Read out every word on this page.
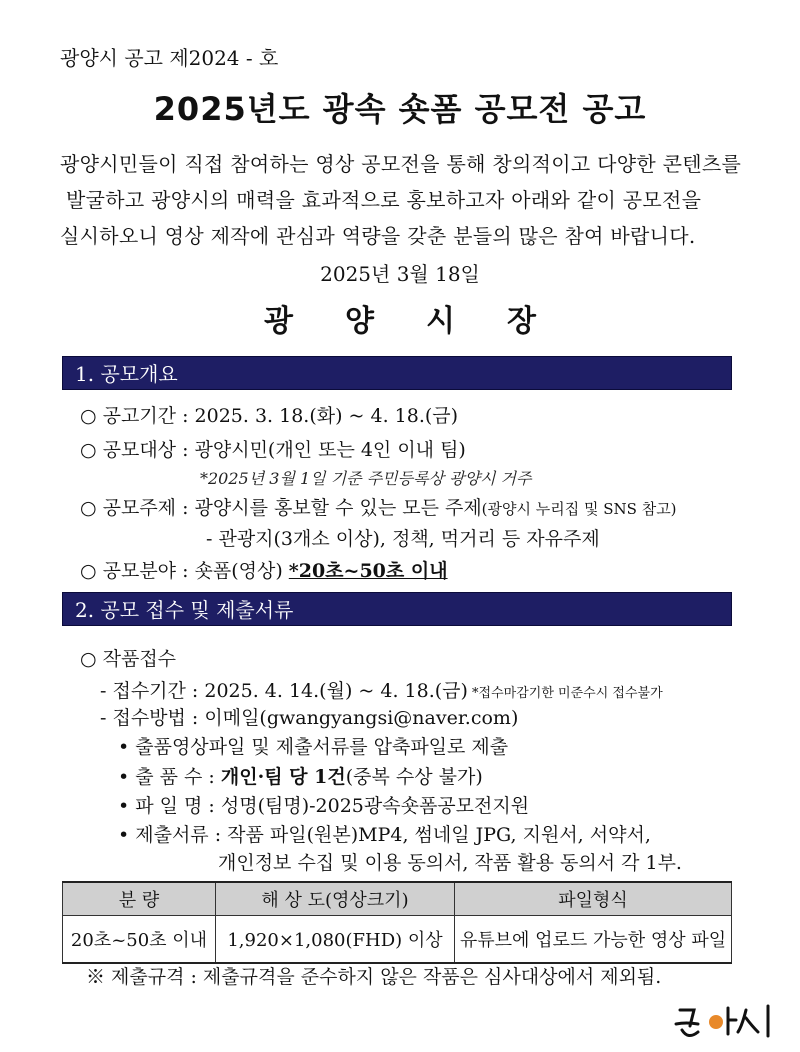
광양시 공고 제2024 - 호
2025년도 광속 숏폼 공모전 공고
광양시민들이 직접 참여하는 영상 공모전을 통해 창의적이고 다양한 콘텐츠를
발굴하고 광양시의 매력을 효과적으로 홍보하고자 아래와 같이 공모전을
실시하오니 영상 제작에 관심과 역량을 갖춘 분들의 많은 참여 바랍니다.
2025년 3월 18일
광 양 시 장
1. 공모개요
○ 공고기간 : 2025. 3. 18.(화) ~ 4. 18.(금)
○ 공모대상 : 광양시민(개인 또는 4인 이내 팀)
*2025년 3월 1일 기준 주민등록상 광양시 거주
○ 공모주제 : 광양시를 홍보할 수 있는 모든 주제(광양시 누리집 및 SNS 참고)
- 관광지(3개소 이상), 정책, 먹거리 등 자유주제
○ 공모분야 : 숏폼(영상) *20초~50초 이내
2. 공모 접수 및 제출서류
○ 작품접수
- 접수기간 : 2025. 4. 14.(월) ~ 4. 18.(금) *접수마감기한 미준수시 접수불가
- 접수방법 : 이메일(gwangyangsi@naver.com)
• 출품영상파일 및 제출서류를 압축파일로 제출
• 출 품 수 : 개인·팀 당 1건(중복 수상 불가)
• 파 일 명 : 성명(팀명)-2025광속숏폼공모전지원
• 제출서류 : 작품 파일(원본)MP4, 썸네일 JPG, 지원서, 서약서,
개인정보 수집 및 이용 동의서, 작품 활용 동의서 각 1부.
분 량	해 상 도(영상크기)	파일형식
20초~50초 이내	1,920×1,080(FHD) 이상	유튜브에 업로드 가능한 영상 파일
※ 제출규격 : 제출규격을 준수하지 않은 작품은 심사대상에서 제외됨.
